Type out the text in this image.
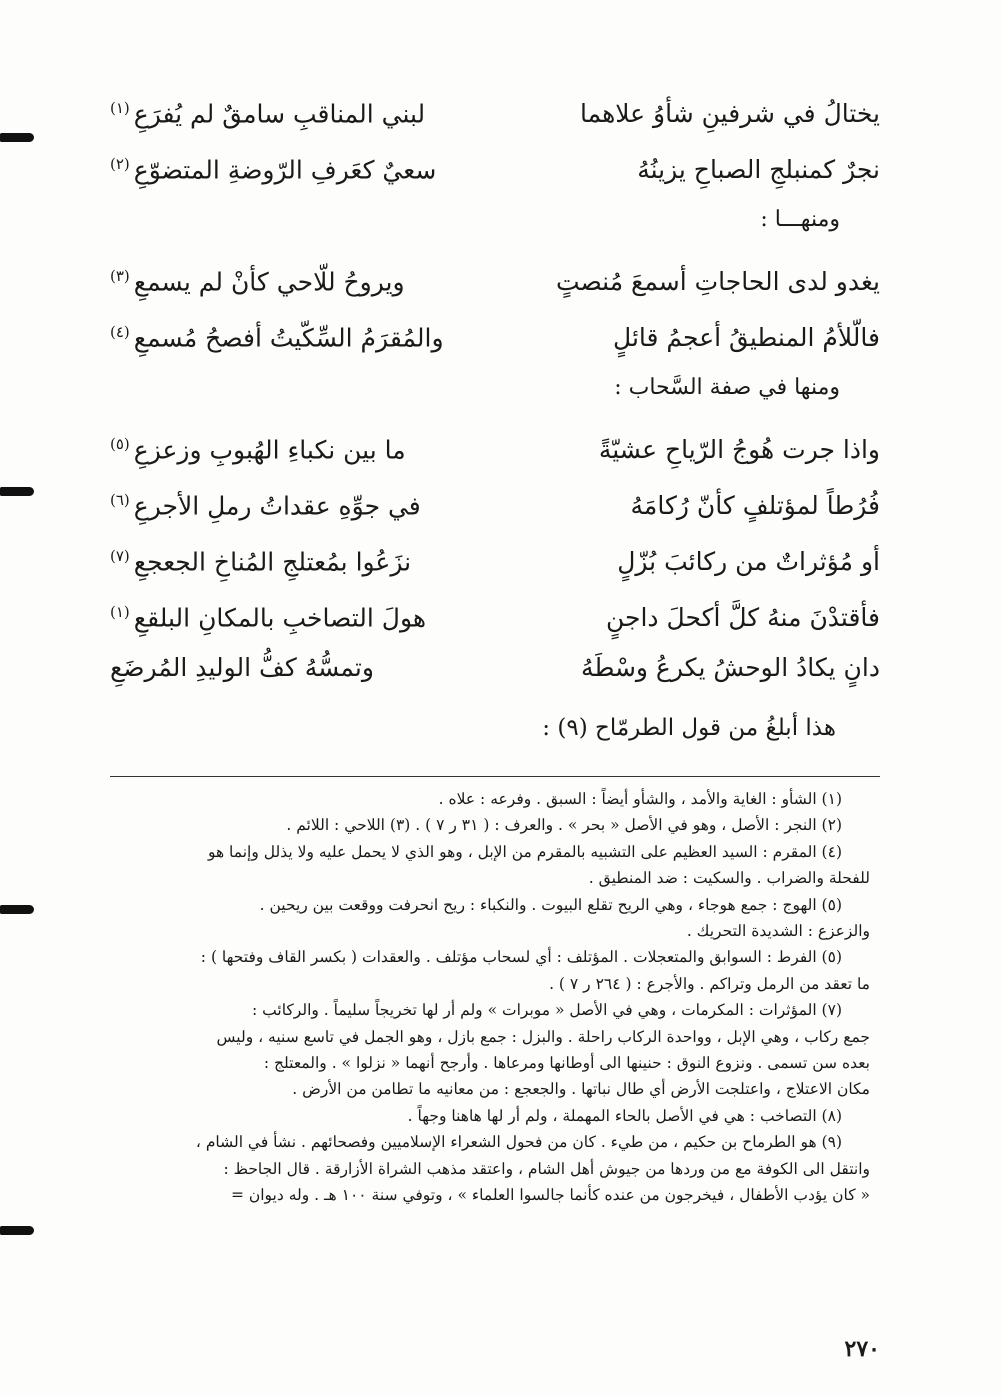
يختالُ في شرفينِ شأوُ علاهما
لبني المناقبِ سامقٌ لم يُفرَعِ$^{(١)}$
نجرٌ كمنبلجِ الصباحِ يزينُهُ
سعيٌ كعَرفِ الرّوضةِ المتضوّعِ$^{(٢)}$
ومنهـــا :
يغدو لدى الحاجاتِ أسمعَ مُنصتٍ
ويروحُ للّاحي كأنْ لم يسمعِ$^{(٣)}$
فالّلأمُ المنطيقُ أعجمُ قائلٍ
والمُقرَمُ السِّكّيتُ أفصحُ مُسمعِ$^{(٤)}$
ومنها في صفة السَّحاب :
واذا جرت هُوجُ الرّياحِ عشيّةً
ما بين نكباءِ الهُبوبِ وزعزعِ$^{(٥)}$
فُرُطاً لمؤتلفٍ كأنّ رُكامَهُ
في جوِّهِ عقداتُ رملِ الأجرعِ$^{(٦)}$
أو مُؤثراتٌ من ركائبَ بُزّلٍ
نزَعُوا بمُعتلجِ المُناخِ الجعجعِ$^{(٧)}$
فأقتدْنَ منهُ كلَّ أكحلَ داجنٍ
هولَ التصاخبِ بالمكانِ البلقعِ$^{(١)}$
دانٍ يكادُ الوحشُ يكرعُ وسْطَهُ
وتمسُّهُ كفُّ الوليدِ المُرضَعِ
هذا أبلغُ من قول الطرمّاح (٩) :

(١) الشأو : الغاية والأمد ، والشأو أيضاً : السبق . وفرعه : علاه .

(٢) النجر : الأصل ، وهو في الأصل « بحر » . والعرف : ( ٣١ ر ٧ ) . (٣) اللاحي : اللائم .

(٤) المقرم : السيد العظيم على التشبيه بالمقرم من الإبل ، وهو الذي لا يحمل عليه ولا يذلل وإنما هو

للفحلة والضراب . والسكيت : ضد المنطيق .

(٥) الهوج : جمع هوجاء ، وهي الريح تقلع البيوت . والنكباء : ريح انحرفت ووقعت بين ريحين .

والزعزع : الشديدة التحريك .

(٥) الفرط : السوابق والمتعجلات . المؤتلف : أي لسحاب مؤتلف . والعقدات ( بكسر القاف وفتحها ) :

ما تعقد من الرمل وتراكم . والأجرع : ( ٢٦٤ ر ٧ ) .

(٧) المؤثرات : المكرمات ، وهي في الأصل « موبرات » ولم أر لها تخريجاً سليماً . والركائب :

جمع ركاب ، وهي الإبل ، وواحدة الركاب راحلة . والبزل : جمع بازل ، وهو الجمل في تاسع سنيه ، وليس

بعده سن تسمى . ونزوع النوق : حنينها الى أوطانها ومرعاها . وأرجح أنهما « نزلوا » . والمعتلج :

مكان الاعتلاج ، واعتلجت الأرض أي طال نباتها . والجعجع : من معانيه ما تطامن من الأرض .

(٨) التصاخب : هي في الأصل بالحاء المهملة ، ولم أر لها هاهنا وجهاً .

(٩) هو الطرماح بن حكيم ، من طيء . كان من فحول الشعراء الإسلاميين وفصحائهم . نشأ في الشام ،

وانتقل الى الكوفة مع من وردها من جيوش أهل الشام ، واعتقد مذهب الشراة الأزارقة . قال الجاحظ :

« كان يؤدب الأطفال ، فيخرجون من عنده كأنما جالسوا العلماء » ، وتوفي سنة ١٠٠ هـ . وله ديوان =

٢٧٠
